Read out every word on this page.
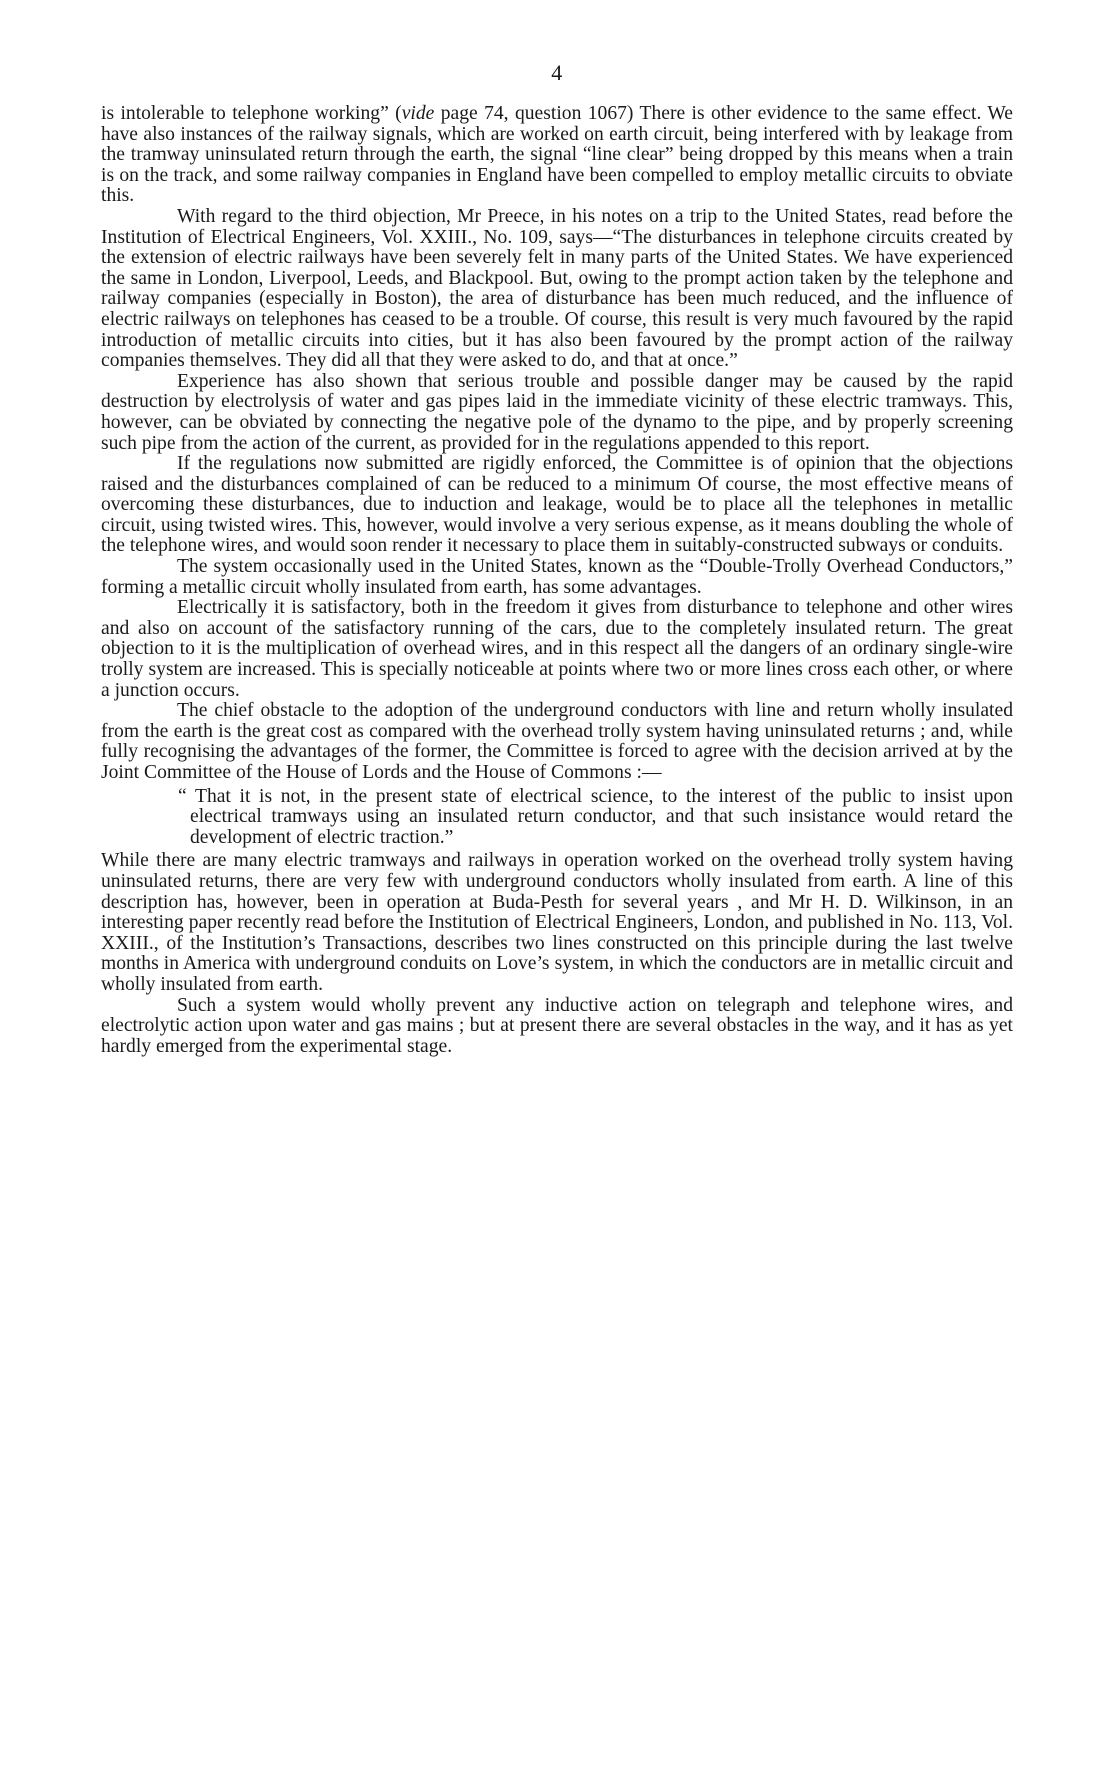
4

is intolerable to telephone working” (vide page 74, question 1067) There is other evidence to the same effect. We have also instances of the railway signals, which are worked on earth circuit, being interfered with by leakage from the tramway uninsulated return through the earth, the signal “line clear” being dropped by this means when a train is on the track, and some railway companies in England have been compelled to employ metallic circuits to obviate this.

With regard to the third objection, Mr Preece, in his notes on a trip to the United States, read before the Institution of Electrical Engineers, Vol. XXIII., No. 109, says—“The disturbances in telephone circuits created by the extension of electric railways have been severely felt in many parts of the United States. We have experienced the same in London, Liverpool, Leeds, and Blackpool. But, owing to the prompt action taken by the telephone and railway companies (especially in Boston), the area of disturbance has been much reduced, and the influence of electric railways on telephones has ceased to be a trouble. Of course, this result is very much favoured by the rapid introduction of metallic circuits into cities, but it has also been favoured by the prompt action of the railway companies themselves. They did all that they were asked to do, and that at once.”

Experience has also shown that serious trouble and possible danger may be caused by the rapid destruction by electrolysis of water and gas pipes laid in the immediate vicinity of these electric tramways. This, however, can be obviated by connecting the negative pole of the dynamo to the pipe, and by properly screening such pipe from the action of the current, as provided for in the regulations appended to this report.

If the regulations now submitted are rigidly enforced, the Committee is of opinion that the objections raised and the disturbances complained of can be reduced to a minimum Of course, the most effective means of overcoming these disturbances, due to induction and leakage, would be to place all the telephones in metallic circuit, using twisted wires. This, however, would involve a very serious expense, as it means doubling the whole of the telephone wires, and would soon render it necessary to place them in suitably-constructed subways or conduits.

The system occasionally used in the United States, known as the “Double-Trolly Overhead Conductors,” forming a metallic circuit wholly insulated from earth, has some advantages.

Electrically it is satisfactory, both in the freedom it gives from disturbance to telephone and other wires and also on account of the satisfactory running of the cars, due to the completely insulated return. The great objection to it is the multiplication of overhead wires, and in this respect all the dangers of an ordinary single-wire trolly system are increased. This is specially noticeable at points where two or more lines cross each other, or where a junction occurs.

The chief obstacle to the adoption of the underground conductors with line and return wholly insulated from the earth is the great cost as compared with the overhead trolly system having uninsulated returns ; and, while fully recognising the advantages of the former, the Committee is forced to agree with the decision arrived at by the Joint Committee of the House of Lords and the House of Commons :—

“ That it is not, in the present state of electrical science, to the interest of the public to insist upon electrical tramways using an insulated return conductor, and that such insistance would retard the development of electric traction.”

While there are many electric tramways and railways in operation worked on the overhead trolly system having uninsulated returns, there are very few with underground conductors wholly insulated from earth. A line of this description has, however, been in operation at Buda-Pesth for several years , and Mr H. D. Wilkinson, in an interesting paper recently read before the Institution of Electrical Engineers, London, and published in No. 113, Vol. XXIII., of the Institution’s Transactions, describes two lines constructed on this principle during the last twelve months in America with underground conduits on Love’s system, in which the conductors are in metallic circuit and wholly insulated from earth.

Such a system would wholly prevent any inductive action on telegraph and telephone wires, and electrolytic action upon water and gas mains ; but at present there are several obstacles in the way, and it has as yet hardly emerged from the experimental stage.
